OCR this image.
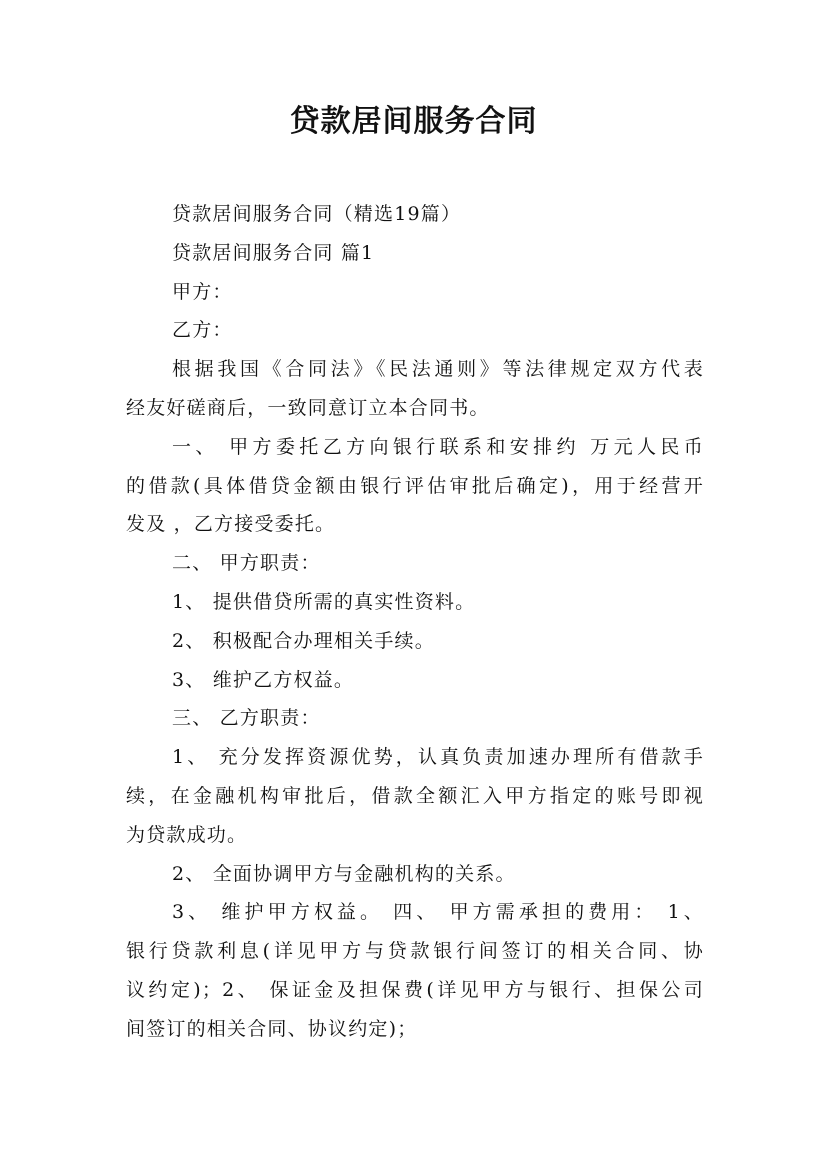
贷款居间服务合同
贷款居间服务合同（精选19篇）
贷款居间服务合同 篇1
甲方：
乙方：
根据我国《合同法》《民法通则》等法律规定双方代表
经友好磋商后，一致同意订立本合同书。
一、 甲方委托乙方向银行联系和安排约 万元人民币
的借款(具体借贷金额由银行评估审批后确定)，用于经营开
发及 ，乙方接受委托。
二、 甲方职责：
1、 提供借贷所需的真实性资料。
2、 积极配合办理相关手续。
3、 维护乙方权益。
三、 乙方职责：
1、 充分发挥资源优势，认真负责加速办理所有借款手
续，在金融机构审批后，借款全额汇入甲方指定的账号即视
为贷款成功。
2、 全面协调甲方与金融机构的关系。
3、 维护甲方权益。 四、 甲方需承担的费用： 1、
银行贷款利息(详见甲方与贷款银行间签订的相关合同、协
议约定)；2、 保证金及担保费(详见甲方与银行、担保公司
间签订的相关合同、协议约定)；
